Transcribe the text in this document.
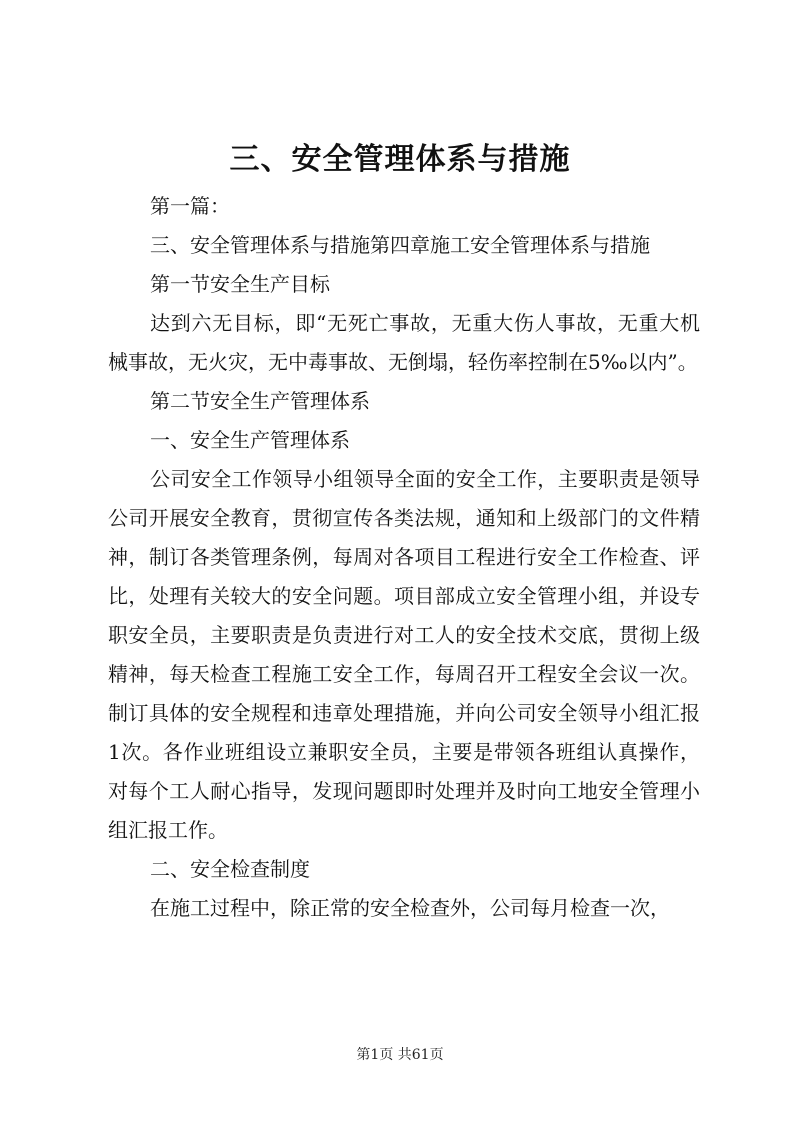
三、安全管理体系与措施

第一篇：

三、安全管理体系与措施第四章施工安全管理体系与措施

第一节安全生产目标

达到六无目标，即“无死亡事故，无重大伤人事故，无重大机械事故，无火灾，无中毒事故、无倒塌，轻伤率控制在5‰以内”。

第二节安全生产管理体系

一、安全生产管理体系

公司安全工作领导小组领导全面的安全工作，主要职责是领导公司开展安全教育，贯彻宣传各类法规，通知和上级部门的文件精神，制订各类管理条例，每周对各项目工程进行安全工作检查、评比，处理有关较大的安全问题。项目部成立安全管理小组，并设专职安全员，主要职责是负责进行对工人的安全技术交底，贯彻上级精神，每天检查工程施工安全工作，每周召开工程安全会议一次。制订具体的安全规程和违章处理措施，并向公司安全领导小组汇报1次。各作业班组设立兼职安全员，主要是带领各班组认真操作，对每个工人耐心指导，发现问题即时处理并及时向工地安全管理小组汇报工作。

二、安全检查制度

在施工过程中，除正常的安全检查外，公司每月检查一次，

第1页 共61页
